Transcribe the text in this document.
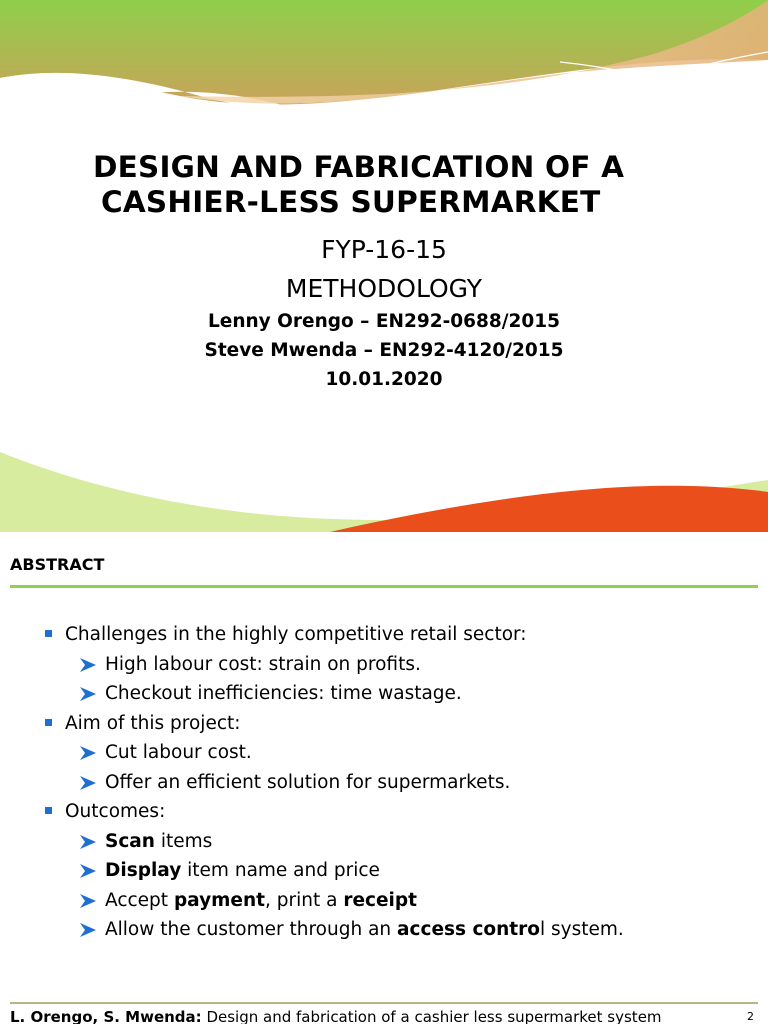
DESIGN AND FABRICATION OF A
CASHIER-LESS SUPERMARKET
FYP-16-15
METHODOLOGY
Lenny Orengo – EN292-0688/2015
Steve Mwenda – EN292-4120/2015
10.01.2020
ABSTRACT
Challenges in the highly competitive retail sector:
High labour cost: strain on profits.
Checkout inefficiencies: time wastage.
Aim of this project:
Cut labour cost.
Offer an efficient solution for supermarkets.
Outcomes:
Scan items
Display item name and price
Accept payment, print a receipt
Allow the customer through an access control system.
L. Orengo, S. Mwenda: Design and fabrication of a cashier less supermarket system	2
